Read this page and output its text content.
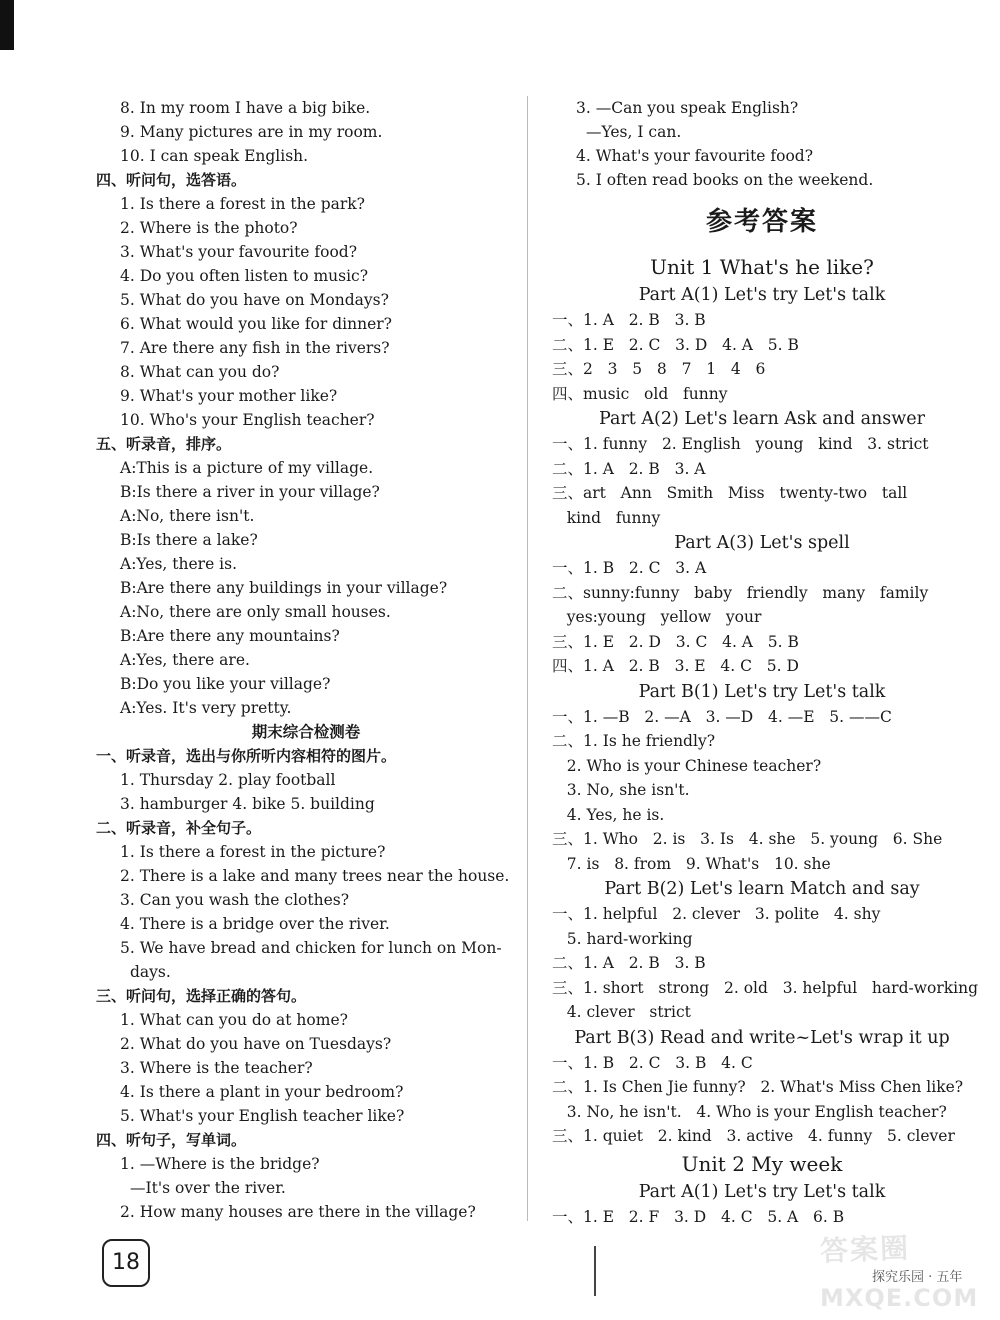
8. In my room I have a big bike.
9. Many pictures are in my room.
10. I can speak English.
四、听问句，选答语。
1. Is there a forest in the park?
2. Where is the photo?
3. What's your favourite food?
4. Do you often listen to music?
5. What do you have on Mondays?
6. What would you like for dinner?
7. Are there any fish in the rivers?
8. What can you do?
9. What's your mother like?
10. Who's your English teacher?
五、听录音，排序。
A:This is a picture of my village.
B:Is there a river in your village?
A:No, there isn't.
B:Is there a lake?
A:Yes, there is.
B:Are there any buildings in your village?
A:No, there are only small houses.
B:Are there any mountains?
A:Yes, there are.
B:Do you like your village?
A:Yes. It's very pretty.
期末综合检测卷
一、听录音，选出与你所听内容相符的图片。
1. Thursday 2. play football
3. hamburger 4. bike 5. building
二、听录音，补全句子。
1. Is there a forest in the picture?
2. There is a lake and many trees near the house.
3. Can you wash the clothes?
4. There is a bridge over the river.
5. We have bread and chicken for lunch on Mon-
days.
三、听问句，选择正确的答句。
1. What can you do at home?
2. What do you have on Tuesdays?
3. Where is the teacher?
4. Is there a plant in your bedroom?
5. What's your English teacher like?
四、听句子，写单词。
1. —Where is the bridge?
—It's over the river.
2. How many houses are there in the village?
3. —Can you speak English?
—Yes, I can.
4. What's your favourite food?
5. I often read books on the weekend.
参考答案
Unit 1 What's he like?
Part A(1) Let's try Let's talk
一、1. A   2. B   3. B
二、1. E   2. C   3. D   4. A   5. B
三、2   3   5   8   7   1   4   6
四、music   old   funny
Part A(2) Let's learn Ask and answer
一、1. funny   2. English   young   kind   3. strict
二、1. A   2. B   3. A
三、art   Ann   Smith   Miss   twenty-two   tall
kind   funny
Part A(3) Let's spell
一、1. B   2. C   3. A
二、sunny:funny   baby   friendly   many   family
yes:young   yellow   your
三、1. E   2. D   3. C   4. A   5. B
四、1. A   2. B   3. E   4. C   5. D
Part B(1) Let's try Let's talk
一、1. —B   2. —A   3. —D   4. —E   5. ——C
二、1. Is he friendly?
2. Who is your Chinese teacher?
3. No, she isn't.
4. Yes, he is.
三、1. Who   2. is   3. Is   4. she   5. young   6. She
7. is   8. from   9. What's   10. she
Part B(2) Let's learn Match and say
一、1. helpful   2. clever   3. polite   4. shy
5. hard-working
二、1. A   2. B   3. B
三、1. short   strong   2. old   3. helpful   hard-working
4. clever   strict
Part B(3) Read and write~Let's wrap it up
一、1. B   2. C   3. B   4. C
二、1. Is Chen Jie funny?   2. What's Miss Chen like?
3. No, he isn't.   4. Who is your English teacher?
三、1. quiet   2. kind   3. active   4. funny   5. clever
Unit 2 My week
Part A(1) Let's try Let's talk
一、1. E   2. F   3. D   4. C   5. A   6. B
18
探究乐园 · 五年
答案圈
MXQE.COM
